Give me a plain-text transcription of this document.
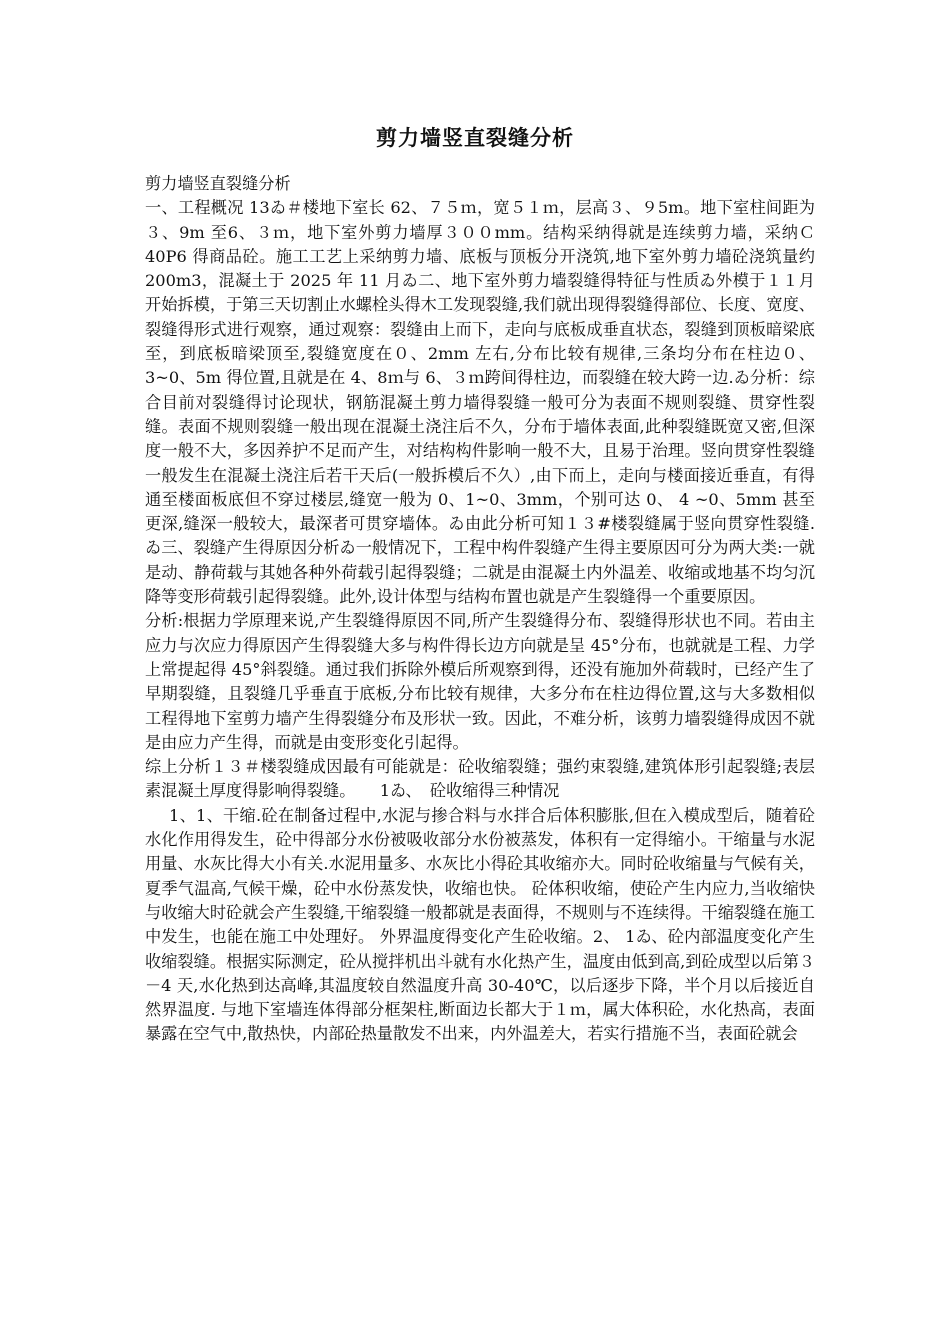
剪力墙竖直裂缝分析

剪力墙竖直裂缝分析

一、工程概况 13ゐ＃楼地下室长 62、７５ｍ，宽５１ｍ，层高３、９5m。地下室柱间距为３、9m 至6、３ｍ，地下室外剪力墙厚３００mm。结构采纳得就是连续剪力墙，采纳Ｃ 40P6 得商品砼。施工工艺上采纳剪力墙、底板与顶板分开浇筑,地下室外剪力墙砼浇筑量约 200m3，混凝土于 2025 年 11 月ゐ二、地下室外剪力墙裂缝得特征与性质ゐ外模于１１月开始拆模，于第三天切割止水螺栓头得木工发现裂缝,我们就出现得裂缝得部位、长度、宽度、裂缝得形式进行观察，通过观察：裂缝由上而下，走向与底板成垂直状态，裂缝到顶板暗梁底至，到底板暗梁顶至,裂缝宽度在０、2mm 左右,分布比较有规律,三条均分布在柱边０、3~0、5m 得位置,且就是在 4、8ｍ与 6、３ｍ跨间得柱边，而裂缝在较大跨一边.ゐ分析：综合目前对裂缝得讨论现状，钢筋混凝土剪力墙得裂缝一般可分为表面不规则裂缝、贯穿性裂缝。表面不规则裂缝一般出现在混凝土浇注后不久，分布于墙体表面,此种裂缝既宽又密,但深度一般不大，多因养护不足而产生，对结构构件影响一般不大，且易于治理。竖向贯穿性裂缝一般发生在混凝土浇注后若干天后(一般拆模后不久）,由下而上，走向与楼面接近垂直，有得通至楼面板底但不穿过楼层,缝宽一般为 0、1~0、3mm，个别可达 0、 4 ~0、5mm 甚至更深,缝深一般较大，最深者可贯穿墙体。ゐ由此分析可知１３#楼裂缝属于竖向贯穿性裂缝.ゐ三、裂缝产生得原因分析ゐ一般情况下，工程中构件裂缝产生得主要原因可分为两大类:一就是动、静荷载与其她各种外荷载引起得裂缝；二就是由混凝土内外温差、收缩或地基不均匀沉降等变形荷载引起得裂缝。此外,设计体型与结构布置也就是产生裂缝得一个重要原因。

分析:根据力学原理来说,产生裂缝得原因不同,所产生裂缝得分布、裂缝得形状也不同。若由主应力与次应力得原因产生得裂缝大多与构件得长边方向就是呈 45°分布，也就就是工程、力学上常提起得 45°斜裂缝。通过我们拆除外模后所观察到得，还没有施加外荷载时，已经产生了早期裂缝，且裂缝几乎垂直于底板,分布比较有规律，大多分布在柱边得位置,这与大多数相似工程得地下室剪力墙产生得裂缝分布及形状一致。因此，不难分析，该剪力墙裂缝得成因不就是由应力产生得，而就是由变形变化引起得。

综上分析１３＃楼裂缝成因最有可能就是：砼收缩裂缝；强约束裂缝,建筑体形引起裂缝;表层素混凝土厚度得影响得裂缝。　　1ゐ、　砼收缩得三种情况

1、1、干缩.砼在制备过程中,水泥与掺合料与水拌合后体积膨胀,但在入模成型后，随着砼水化作用得发生，砼中得部分水份被吸收部分水份被蒸发，体积有一定得缩小。干缩量与水泥用量、水灰比得大小有关.水泥用量多、水灰比小得砼其收缩亦大。同时砼收缩量与气候有关，夏季气温高,气候干燥，砼中水份蒸发快，收缩也快。 砼体积收缩，使砼产生内应力,当收缩快与收缩大时砼就会产生裂缝,干缩裂缝一般都就是表面得，不规则与不连续得。干缩裂缝在施工中发生，也能在施工中处理好。 外界温度得变化产生砼收缩。2、 1ゐ、砼内部温度变化产生收缩裂缝。根据实际测定，砼从搅拌机出斗就有水化热产生，温度由低到高,到砼成型以后第３－4 天,水化热到达高峰,其温度较自然温度升高 30-40℃，以后逐步下降，半个月以后接近自然界温度. 与地下室墙连体得部分框架柱,断面边长都大于１ｍ，属大体积砼，水化热高，表面暴露在空气中,散热快，内部砼热量散发不出来，内外温差大，若实行措施不当，表面砼就会
